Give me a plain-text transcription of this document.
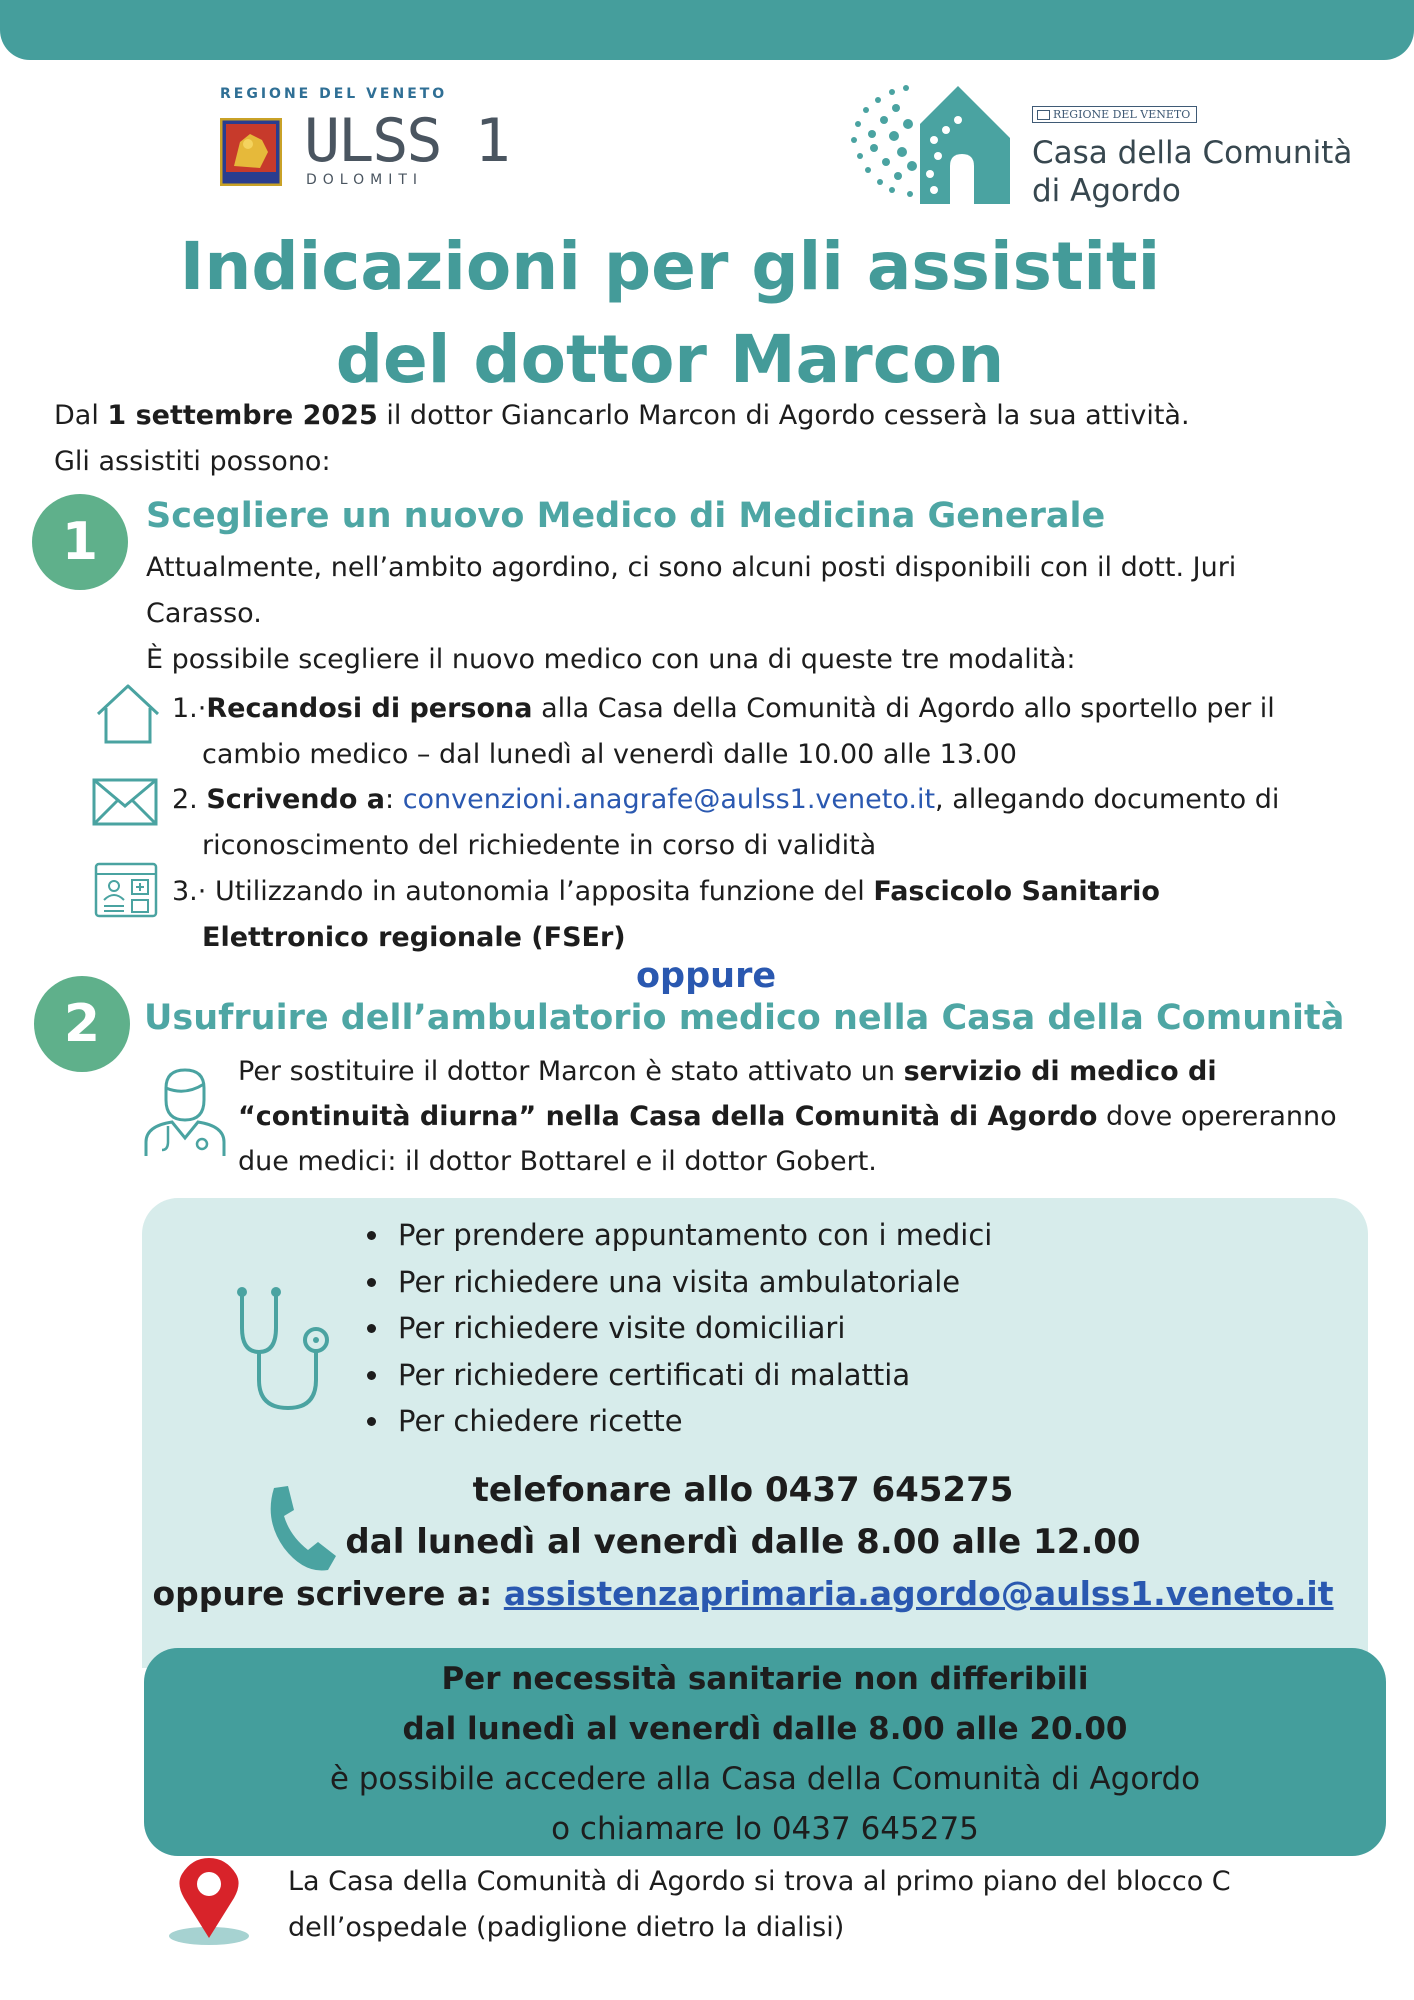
REGIONE DEL VENETO
ULSS 1
DOLOMITI
REGIONE DEL VENETO
Casa della Comunità
di Agordo
Indicazioni per gli assistiti
del dottor Marcon
Dal 1 settembre 2025 il dottor Giancarlo Marcon di Agordo cesserà la sua attività.
Gli assistiti possono:
1	Scegliere un nuovo Medico di Medicina Generale
Attualmente, nell’ambito agordino, ci sono alcuni posti disponibili con il dott. Juri
Carasso.
È possibile scegliere il nuovo medico con una di queste tre modalità:
1.·Recandosi di persona alla Casa della Comunità di Agordo allo sportello per il
cambio medico – dal lunedì al venerdì dalle 10.00 alle 13.00
2. Scrivendo a: convenzioni.anagrafe@aulss1.veneto.it, allegando documento di
riconoscimento del richiedente in corso di validità
3.· Utilizzando in autonomia l’apposita funzione del Fascicolo Sanitario
Elettronico regionale (FSEr)
oppure
2	Usufruire dell’ambulatorio medico nella Casa della Comunità
Per sostituire il dottor Marcon è stato attivato un servizio di medico di
“continuità diurna” nella Casa della Comunità di Agordo dove opereranno
due medici: il dottor Bottarel e il dottor Gobert.
• Per prendere appuntamento con i medici
• Per richiedere una visita ambulatoriale
• Per richiedere visite domiciliari
• Per richiedere certificati di malattia
• Per chiedere ricette
telefonare allo 0437 645275
dal lunedì al venerdì dalle 8.00 alle 12.00
oppure scrivere a: assistenzaprimaria.agordo@aulss1.veneto.it
Per necessità sanitarie non differibili
dal lunedì al venerdì dalle 8.00 alle 20.00
è possibile accedere alla Casa della Comunità di Agordo
o chiamare lo 0437 645275
La Casa della Comunità di Agordo si trova al primo piano del blocco C
dell’ospedale (padiglione dietro la dialisi)
